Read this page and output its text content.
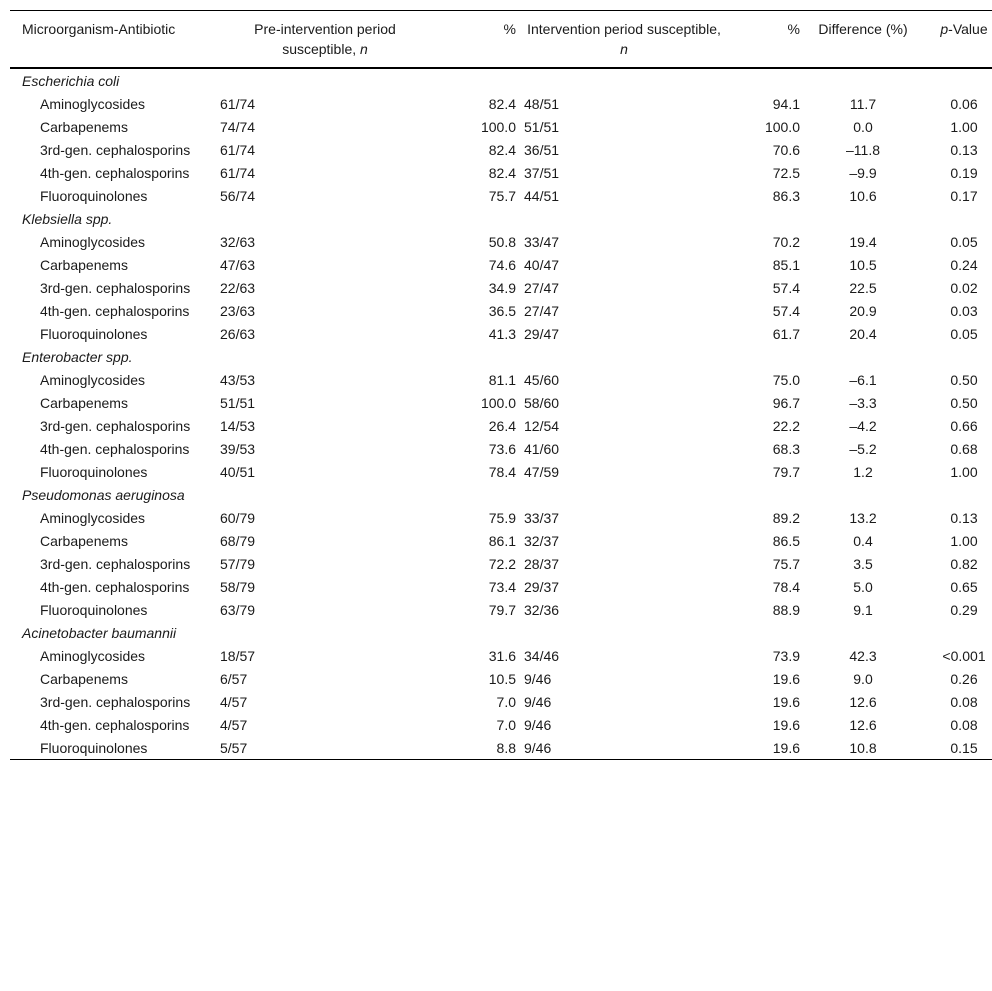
Microorganism-Antibiotic	Pre-intervention period susceptible, n	%	Intervention period susceptible, n	%	Difference (%)	p-Value
Escherichia coli						
Aminoglycosides	61/74	82.4	48/51	94.1	11.7	0.06
Carbapenems	74/74	100.0	51/51	100.0	0.0	1.00
3rd-gen. cephalosporins	61/74	82.4	36/51	70.6	–11.8	0.13
4th-gen. cephalosporins	61/74	82.4	37/51	72.5	–9.9	0.19
Fluoroquinolones	56/74	75.7	44/51	86.3	10.6	0.17
Klebsiella spp.						
Aminoglycosides	32/63	50.8	33/47	70.2	19.4	0.05
Carbapenems	47/63	74.6	40/47	85.1	10.5	0.24
3rd-gen. cephalosporins	22/63	34.9	27/47	57.4	22.5	0.02
4th-gen. cephalosporins	23/63	36.5	27/47	57.4	20.9	0.03
Fluoroquinolones	26/63	41.3	29/47	61.7	20.4	0.05
Enterobacter spp.						
Aminoglycosides	43/53	81.1	45/60	75.0	–6.1	0.50
Carbapenems	51/51	100.0	58/60	96.7	–3.3	0.50
3rd-gen. cephalosporins	14/53	26.4	12/54	22.2	–4.2	0.66
4th-gen. cephalosporins	39/53	73.6	41/60	68.3	–5.2	0.68
Fluoroquinolones	40/51	78.4	47/59	79.7	1.2	1.00
Pseudomonas aeruginosa						
Aminoglycosides	60/79	75.9	33/37	89.2	13.2	0.13
Carbapenems	68/79	86.1	32/37	86.5	0.4	1.00
3rd-gen. cephalosporins	57/79	72.2	28/37	75.7	3.5	0.82
4th-gen. cephalosporins	58/79	73.4	29/37	78.4	5.0	0.65
Fluoroquinolones	63/79	79.7	32/36	88.9	9.1	0.29
Acinetobacter baumannii						
Aminoglycosides	18/57	31.6	34/46	73.9	42.3	<0.001
Carbapenems	6/57	10.5	9/46	19.6	9.0	0.26
3rd-gen. cephalosporins	4/57	7.0	9/46	19.6	12.6	0.08
4th-gen. cephalosporins	4/57	7.0	9/46	19.6	12.6	0.08
Fluoroquinolones	5/57	8.8	9/46	19.6	10.8	0.15
